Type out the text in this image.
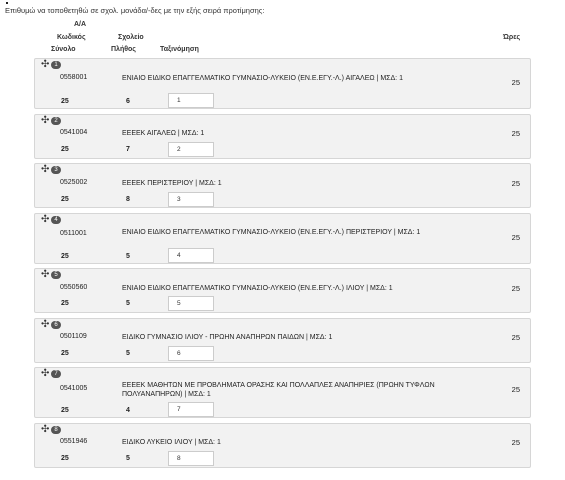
Επιθυμώ να τοποθετηθώ σε σχολ. μονάδα/-δες με την εξής σειρά προτίμησης:
Α/Α
Κωδικός	Σχολείο	Ώρες
Σύνολο	Πλήθος	Ταξινόμηση
✣ 1
0558001	ΕΝΙΑΙΟ ΕΙΔΙΚΟ ΕΠΑΓΓΕΛΜΑΤΙΚΟ ΓΥΜΝΑΣΙΟ-ΛΥΚΕΙΟ (ΕΝ.Ε.ΕΓΥ.-Λ.) ΑΙΓΑΛΕΩ | ΜΣΔ: 1	25
25	6	1
✣ 2
0541004	ΕΕΕΕΚ ΑΙΓΑΛΕΩ | ΜΣΔ: 1	25
25	7	2
✣ 3
0525002	ΕΕΕΕΚ ΠΕΡΙΣΤΕΡΙΟΥ | ΜΣΔ: 1	25
25	8	3
✣ 4
0511001	ΕΝΙΑΙΟ ΕΙΔΙΚΟ ΕΠΑΓΓΕΛΜΑΤΙΚΟ ΓΥΜΝΑΣΙΟ-ΛΥΚΕΙΟ (ΕΝ.Ε.ΕΓΥ.-Λ.) ΠΕΡΙΣΤΕΡΙΟΥ | ΜΣΔ: 1
25
25	5	4
✣ 5
0550560	ΕΝΙΑΙΟ ΕΙΔΙΚΟ ΕΠΑΓΓΕΛΜΑΤΙΚΟ ΓΥΜΝΑΣΙΟ-ΛΥΚΕΙΟ (ΕΝ.Ε.ΕΓΥ.-Λ.) ΙΛΙΟΥ | ΜΣΔ: 1	25
25	5	5
✣ 6
0501109	ΕΙΔΙΚΟ ΓΥΜΝΑΣΙΟ ΙΛΙΟΥ - ΠΡΩΗΝ ΑΝΑΠΗΡΩΝ ΠΑΙΔΩΝ | ΜΣΔ: 1	25
25	5	6
✣ 7
0541005	ΕΕΕΕΚ ΜΑΘΗΤΩΝ ΜΕ ΠΡΟΒΛΗΜΑΤΑ ΟΡΑΣΗΣ ΚΑΙ ΠΟΛΛΑΠΛΕΣ ΑΝΑΠΗΡΙΕΣ (ΠΡΩΗΝ ΤΥΦΛΩΝ ΠΟΛΥΑΝΑΠΗΡΩΝ) | ΜΣΔ: 1
25
25	4	7
✣ 8
0551946	ΕΙΔΙΚΟ ΛΥΚΕΙΟ ΙΛΙΟΥ | ΜΣΔ: 1	25
25	5	8
